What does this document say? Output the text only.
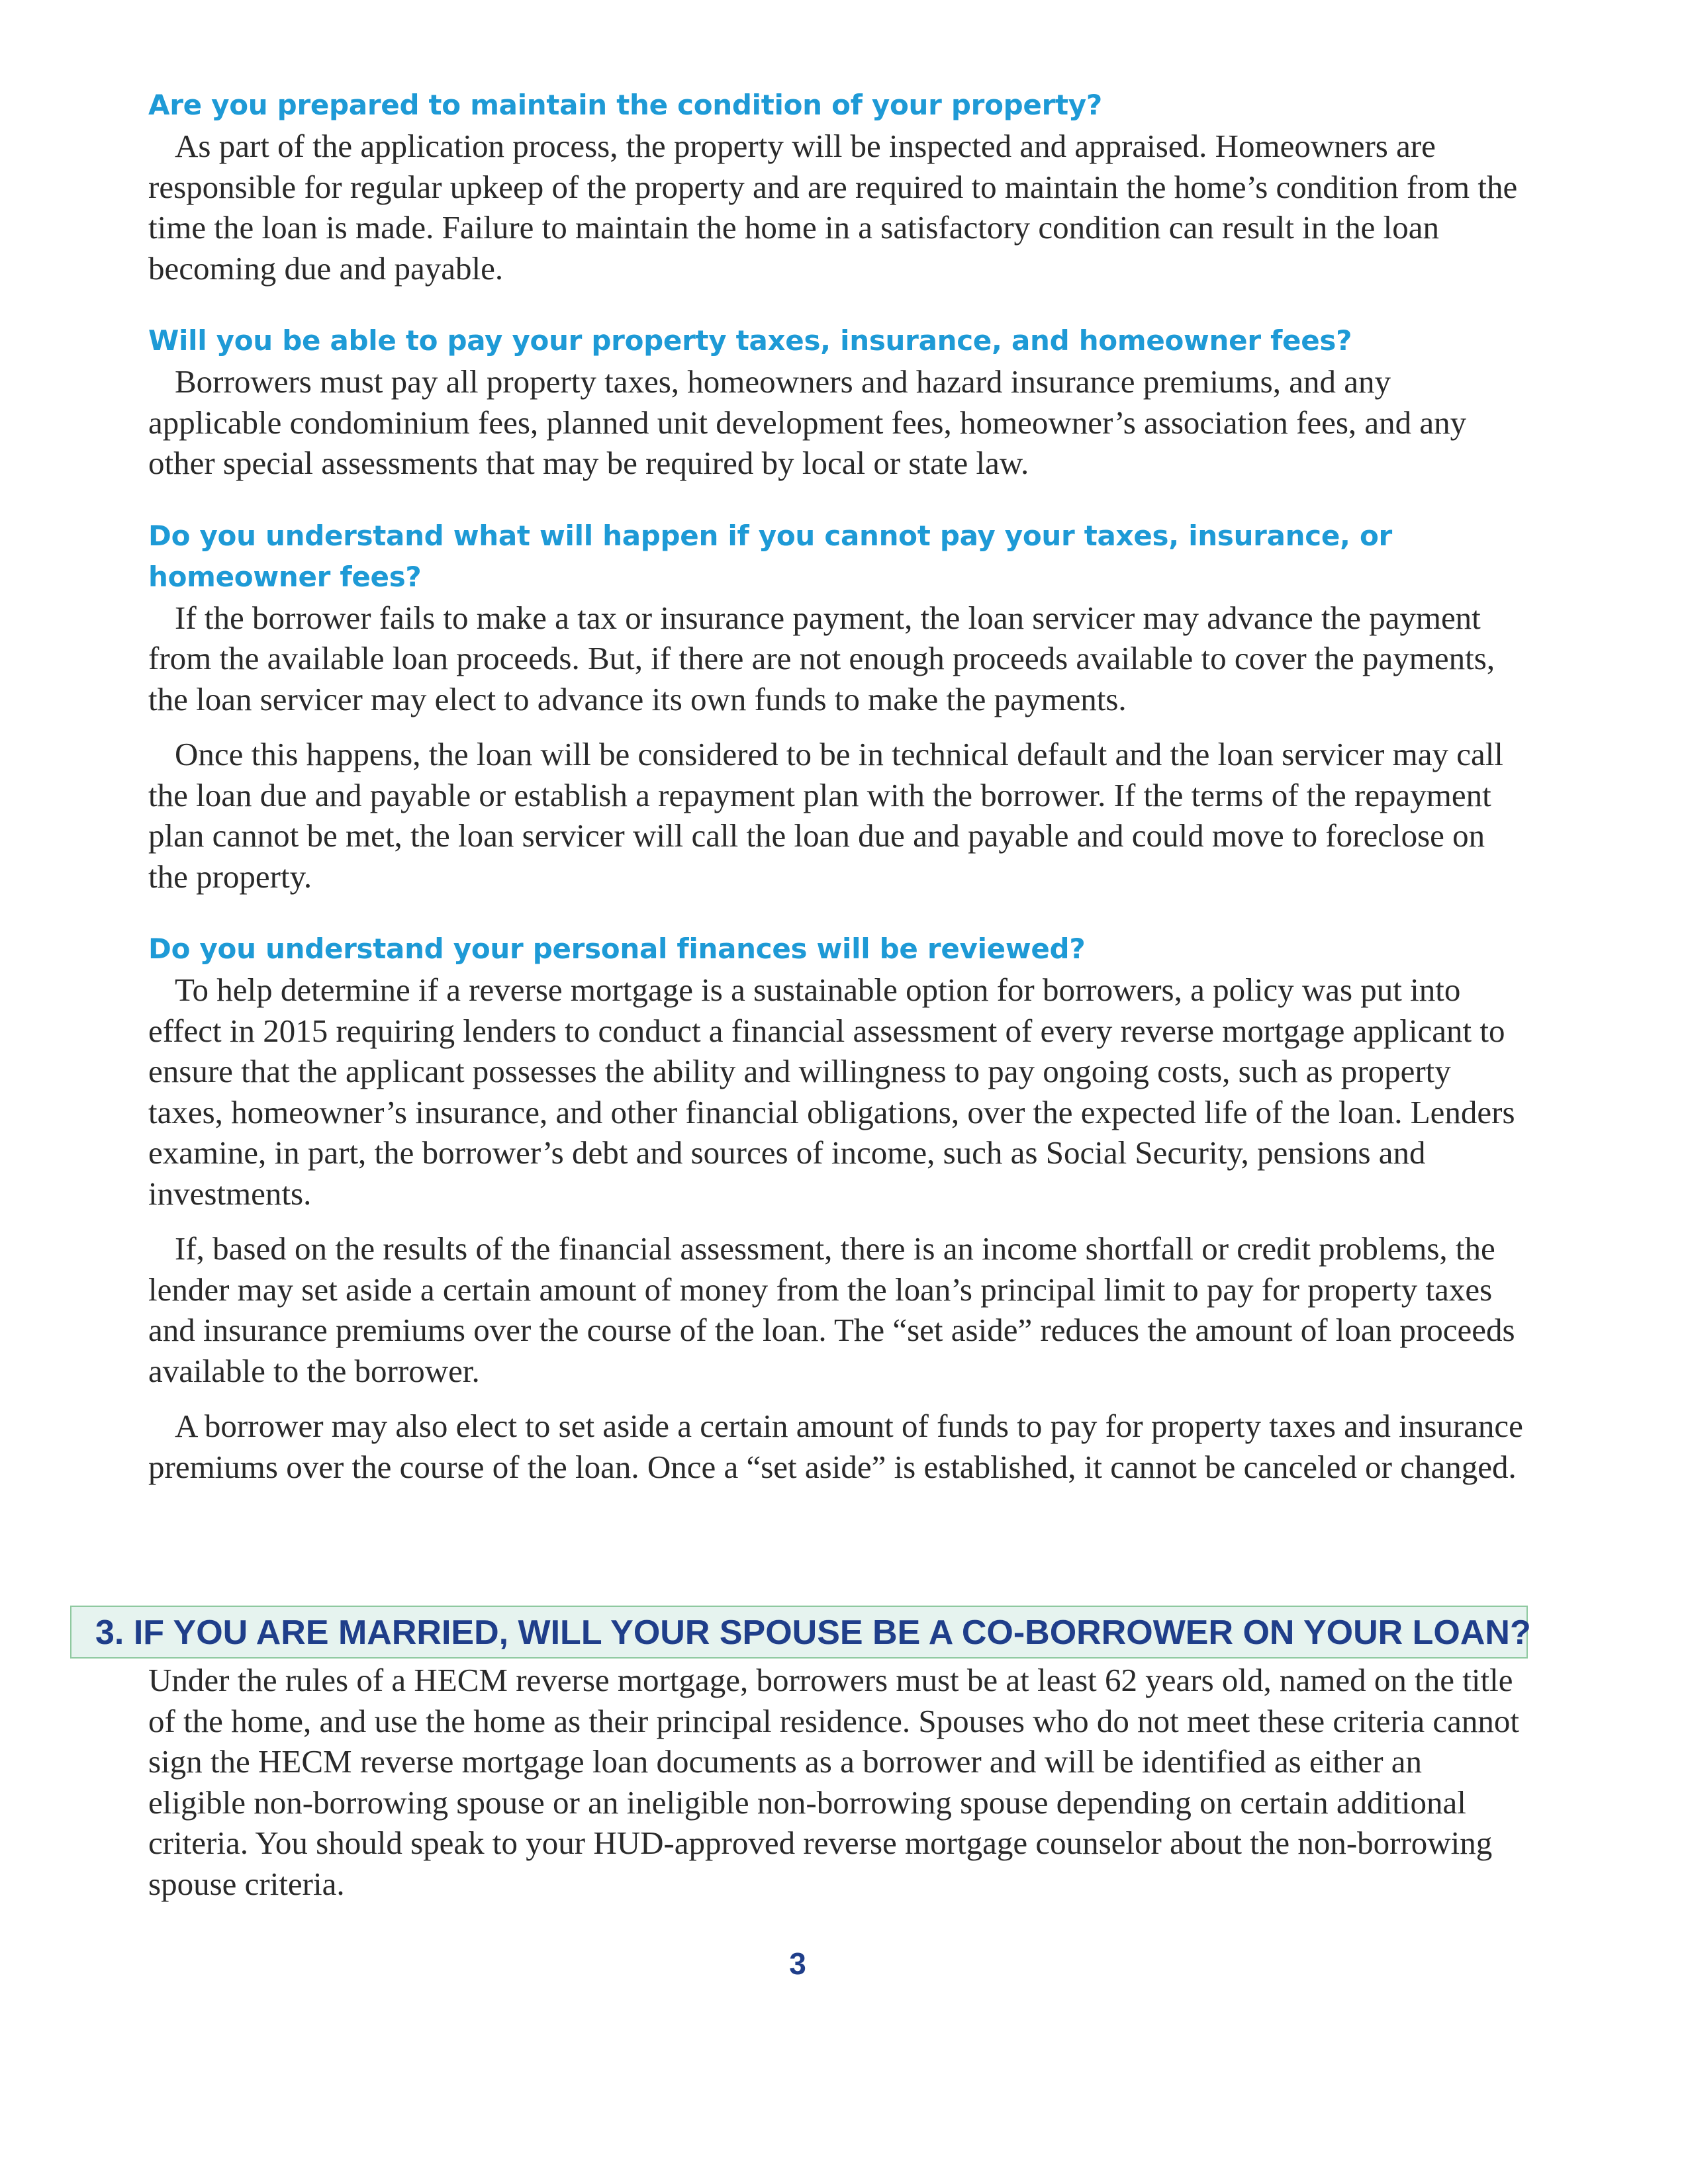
Are you prepared to maintain the condition of your property?

As part of the application process, the property will be inspected and appraised. Homeowners are responsible for regular upkeep of the property and are required to maintain the home’s condition from the time the loan is made. Failure to maintain the home in a satisfactory condition can result in the loan becoming due and payable.

Will you be able to pay your property taxes, insurance, and homeowner fees?

Borrowers must pay all property taxes, homeowners and hazard insurance premiums, and any applicable condominium fees, planned unit development fees, homeowner’s association fees, and any other special assessments that may be required by local or state law.

Do you understand what will happen if you cannot pay your taxes, insurance, or homeowner fees?

If the borrower fails to make a tax or insurance payment, the loan servicer may advance the payment from the available loan proceeds. But, if there are not enough proceeds available to cover the payments, the loan servicer may elect to advance its own funds to make the payments.

Once this happens, the loan will be considered to be in technical default and the loan servicer may call the loan due and payable or establish a repayment plan with the borrower. If the terms of the repayment plan cannot be met, the loan servicer will call the loan due and payable and could move to foreclose on the property.

Do you understand your personal finances will be reviewed?

To help determine if a reverse mortgage is a sustainable option for borrowers, a policy was put into effect in 2015 requiring lenders to conduct a financial assessment of every reverse mortgage applicant to ensure that the applicant possesses the ability and willingness to pay ongoing costs, such as property taxes, homeowner’s insurance, and other financial obligations, over the expected life of the loan. Lenders examine, in part, the borrower’s debt and sources of income, such as Social Security, pensions and investments.

If, based on the results of the financial assessment, there is an income shortfall or credit problems, the lender may set aside a certain amount of money from the loan’s principal limit to pay for property taxes and insurance premiums over the course of the loan. The “set aside” reduces the amount of loan proceeds available to the borrower.

A borrower may also elect to set aside a certain amount of funds to pay for property taxes and insurance premiums over the course of the loan. Once a “set aside” is established, it cannot be canceled or changed.

3. IF YOU ARE MARRIED, WILL YOUR SPOUSE BE A CO-BORROWER ON YOUR LOAN?

Under the rules of a HECM reverse mortgage, borrowers must be at least 62 years old, named on the title of the home, and use the home as their principal residence. Spouses who do not meet these criteria cannot sign the HECM reverse mortgage loan documents as a borrower and will be identified as either an eligible non-borrowing spouse or an ineligible non-borrowing spouse depending on certain additional criteria. You should speak to your HUD-approved reverse mortgage counselor about the non-borrowing spouse criteria.

3
